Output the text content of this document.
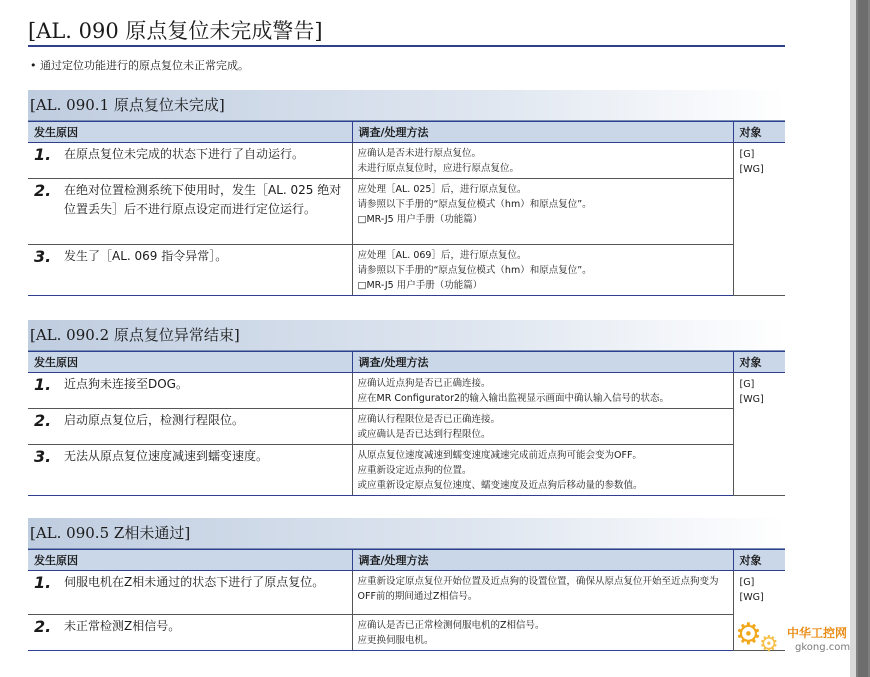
[AL. 090 原点复位未完成警告]
• 通过定位功能进行的原点复位未正常完成。
[AL. 090.1 原点复位未完成]
发生原因	调查/处理方法	对象

1. 在原点复位未完成的状态下进行了自动运行。	应确认是否未进行原点复位。
未进行原点复位时，应进行原点复位。	[G]
[WG]

2. 在绝对位置检测系统下使用时，发生［AL. 025 绝对位置丢失］后不进行原点设定而进行定位运行。	应处理［AL. 025］后，进行原点复位。
请参照以下手册的“原点复位模式（hm）和原点复位”。
□MR-J5 用户手册（功能篇）	

3. 发生了［AL. 069 指令异常］。	应处理［AL. 069］后，进行原点复位。
请参照以下手册的“原点复位模式（hm）和原点复位”。
□MR-J5 用户手册（功能篇）	
[AL. 090.2 原点复位异常结束]
发生原因	调查/处理方法	对象

1. 近点狗未连接至DOG。	应确认近点狗是否已正确连接。
应在MR Configurator2的输入输出监视显示画面中确认输入信号的状态。	[G]
[WG]

2. 启动原点复位后，检测行程限位。	应确认行程限位是否已正确连接。
或应确认是否已达到行程限位。	

3. 无法从原点复位速度减速到蠕变速度。	从原点复位速度减速到蠕变速度减速完成前近点狗可能会变为OFF。
应重新设定近点狗的位置。
或应重新设定原点复位速度、蠕变速度及近点狗后移动量的参数值。	
[AL. 090.5 Z相未通过]
发生原因	调查/处理方法	对象

1. 伺服电机在Z相未通过的状态下进行了原点复位。	应重新设定原点复位开始位置及近点狗的设置位置，确保从原点复位开始至近点狗变为OFF前的期间通过Z相信号。	[G]
[WG]

2. 未正常检测Z相信号。	应确认是否已正常检测伺服电机的Z相信号。
应更换伺服电机。		⚙
⚙ 中华工控网
gkong.com
